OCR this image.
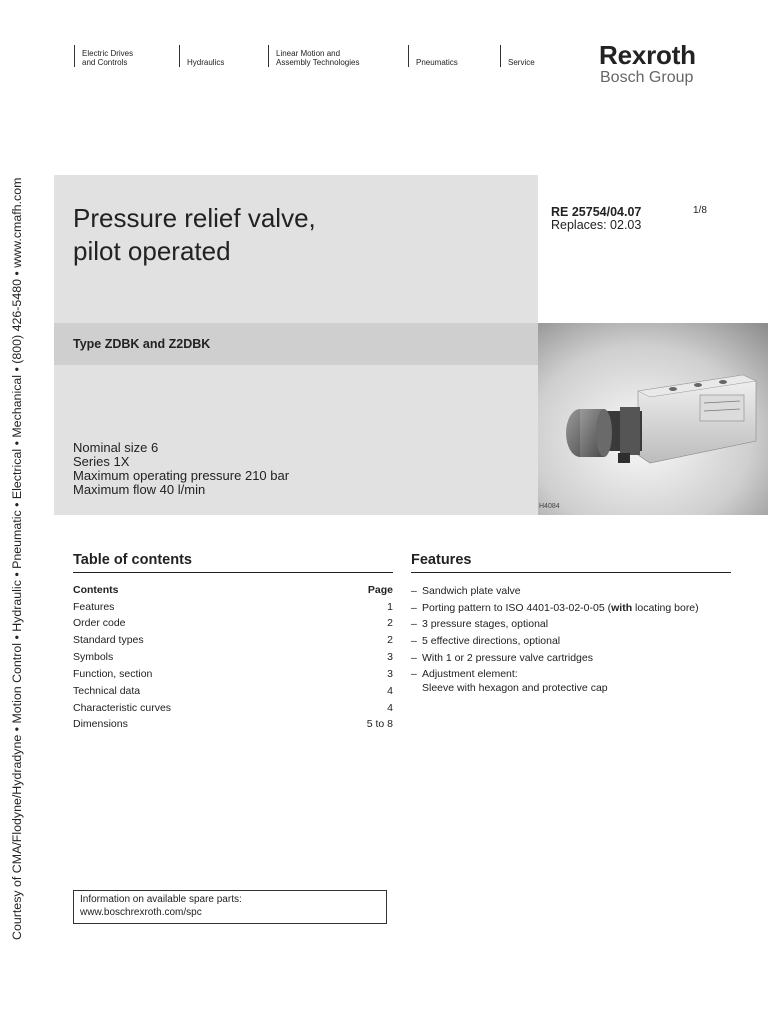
Courtesy of CMA/Flodyne/Hydradyne • Motion Control • Hydraulic • Pneumatic • Electrical • Mechanical • (800) 426-5480 • www.cmafh.com
Electric Drives
and Controls	Hydraulics
Linear Motion and
Assembly Technologies	Pneumatics	Service Rexroth
Bosch Group
Pressure relief valve,
pilot operated
RE 25754/04.07
Replaces: 02.03
1/8
Type ZDBK and Z2DBK
Nominal size 6
Series 1X
Maximum operating pressure 210 bar
Maximum flow 40 l/min
H4084
Table of contents
Contents	Page
Features	1
Order code	2
Standard types	2
Symbols	3
Function, section	3
Technical data	4
Characteristic curves	4
Dimensions	5 to 8
Features
– Sandwich plate valve
– Porting pattern to ISO 4401-03-02-0-05 (with locating bore)
– 3 pressure stages, optional
– 5 effective directions, optional
– With 1 or 2 pressure valve cartridges
– Adjustment element:
Sleeve with hexagon and protective cap
Information on available spare parts:
www.boschrexroth.com/spc
